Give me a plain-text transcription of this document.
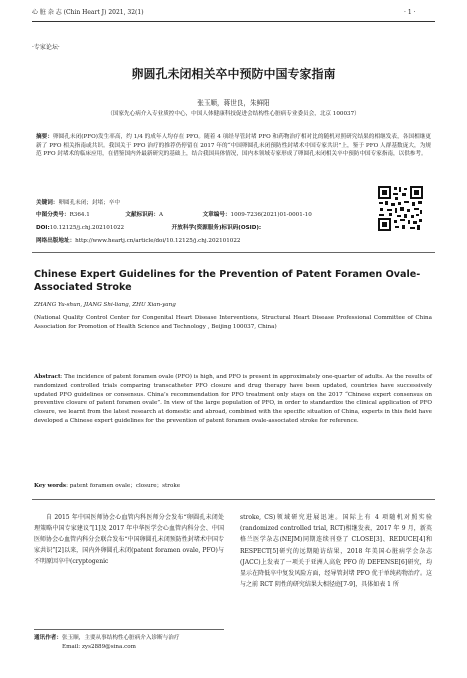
心 脏 杂 志 (Chin Heart J) 2021, 32(1)	· 1 ·
·专家论坛·
卵圆孔未闭相关卒中预防中国专家指南
张玉顺，蒋世良，朱鲜阳
（国家先心病介入专业质控中心，中国人体健康科技促进会结构性心脏病专业委员会，北京 100037）
摘要：卵圆孔未闭(PFO)发生率高，约 1/4 的成年人均存在 PFO。随着 4 项经导管封堵 PFO 和药物治疗相对比的随机对照研究结果的相继发表，各国相继更新了 PFO 相关指南或共识。我国关于 PFO 治疗的推荐仍停留在 2017 年的“中国卵圆孔未闭预防性封堵术中国专家共识”上，鉴于 PFO 人群基数庞大，为规范 PFO 封堵术的临床应用，在借鉴国内外最新研究的基础上，结合我国具体情况，国内本领域专家形成了卵圆孔未闭相关卒中预防中国专家指南，以供参考。
关键词：卵圆孔未闭；封堵；卒中
中图分类号：R364.1	文献标识码：A	文章编号：1009-7236(2021)01-0001-10
DOI:10.12125/j.chj.202101022	开放科学(资源服务)标识码(OSID):
网络出版地址：http://www.heartj.cn/article/doi/10.12125/j.chj.202101022
Chinese Expert Guidelines for the Prevention of Patent Foramen Ovale-Associated Stroke
ZHANG Yu-shun, JIANG Shi-liang, ZHU Xian-yang
(National Quality Control Center for Congenital Heart Disease Interventions, Structural Heart Disease Professional Committee of China Association for Promotion of Health Science and Technology , Beijing 100037, China)
Abstract: The incidence of patent foramen ovale (PFO) is high, and PFO is present in approximately one-quarter of adults. As the results of randomized controlled trials comparing transcatheter PFO closure and drug therapy have been updated, countries have successively updated PFO guidelines or consensus. China’s recommendation for PFO treatment only stays on the 2017 “Chinese expert consensus on preventive closure of patent foramen ovale”. In view of the large population of PFO, in order to standardize the clinical application of PFO closure, we learnt from the latest research at domestic and abroad, combined with the specific situation of China, experts in this field have developed a Chinese expert guidelines for the prevention of patent foramen ovale-associated stroke for reference.
Key words: patent foramen ovale；closure；stroke
自 2015 年中国医师协会心血管内科医师分会发布“卵圆孔未闭处理策略中国专家建议”[1]及 2017 年中华医学会心血管内科分会、中国医师协会心血管内科分会联合发布“中国卵圆孔未闭预防性封堵术中国专家共识”[2]以来，国内外卵圆孔未闭(patent foramen ovale, PFO)与不明原因卒中(cryptogenic
通讯作者：张玉顺，主要从事结构性心脏病介入诊断与治疗
Email: zys2889@sina.com
stroke, CS)领域研究进展迅速。国际上有 4 项随机对照实验(randomized controlled trial, RCT)相继发表，2017 年 9 月，新英格兰医学杂志(NEJM)同期连续刊登了 CLOSE[3]、REDUCE[4]和 RESPECT[5]研究的远期随访结果，2018 年美国心脏病学会杂志(JACC)上发表了一项关于亚洲人高危 PFO 的 DEFENSE[6]研究，均显示在降低卒中复发风险方面，经导管封堵 PFO 优于单纯药物治疗。这与之前 RCT 阴性的研究结果大相径庭[7-9]，具体如表 1 所
